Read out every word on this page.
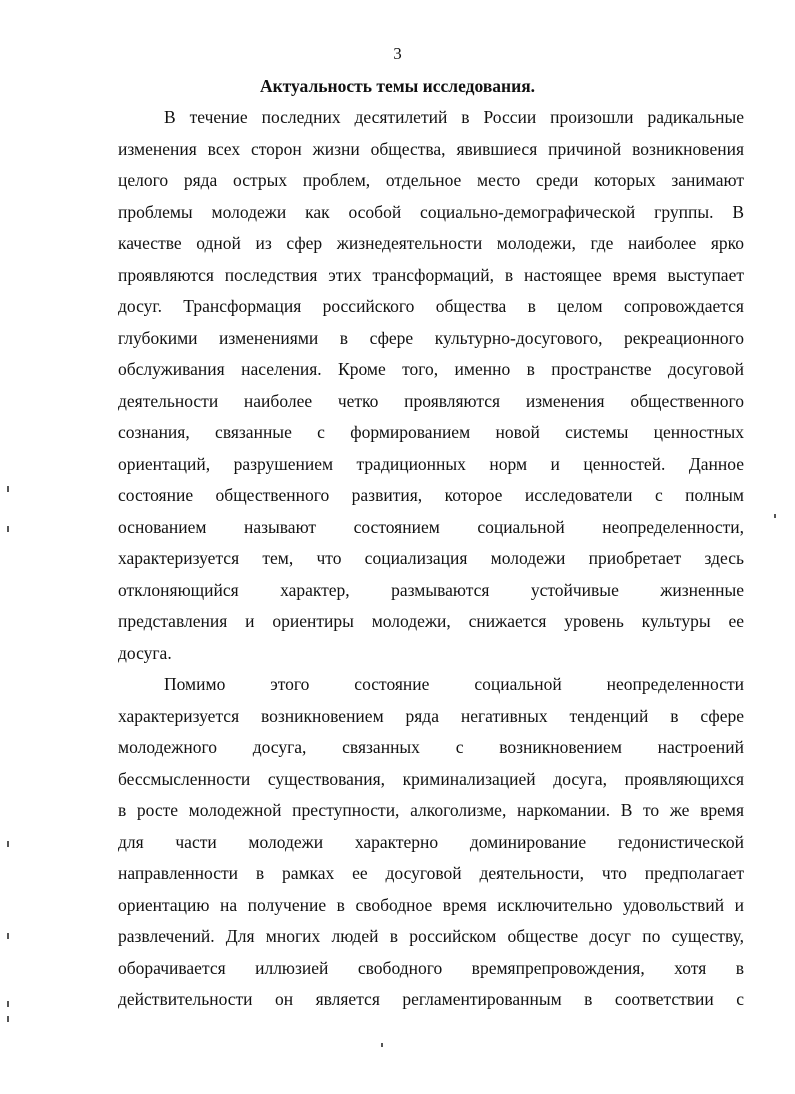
3
Актуальность темы исследования.
В течение последних десятилетий в России произошли радикальные
изменения всех сторон жизни общества, явившиеся причиной возникновения
целого ряда острых проблем, отдельное место среди которых занимают
проблемы молодежи как особой социально-демографической группы. В
качестве одной из сфер жизнедеятельности молодежи, где наиболее ярко
проявляются последствия этих трансформаций, в настоящее время выступает
досуг. Трансформация российского общества в целом сопровождается
глубокими изменениями в сфере культурно-досугового, рекреационного
обслуживания населения. Кроме того, именно в пространстве досуговой
деятельности наиболее четко проявляются изменения общественного
сознания, связанные с формированием новой системы ценностных
ориентаций, разрушением традиционных норм и ценностей. Данное
состояние общественного развития, которое исследователи с полным
основанием называют состоянием социальной неопределенности,
характеризуется тем, что социализация молодежи приобретает здесь
отклоняющийся характер, размываются устойчивые жизненные
представления и ориентиры молодежи, снижается уровень культуры ее
досуга.
Помимо этого состояние социальной неопределенности
характеризуется возникновением ряда негативных тенденций в сфере
молодежного досуга, связанных с возникновением настроений
бессмысленности существования, криминализацией досуга, проявляющихся
в росте молодежной преступности, алкоголизме, наркомании. В то же время
для части молодежи характерно доминирование гедонистической
направленности в рамках ее досуговой деятельности, что предполагает
ориентацию на получение в свободное время исключительно удовольствий и
развлечений. Для многих людей в российском обществе досуг по существу,
оборачивается иллюзией свободного времяпрепровождения, хотя в
действительности он является регламентированным в соответствии с
